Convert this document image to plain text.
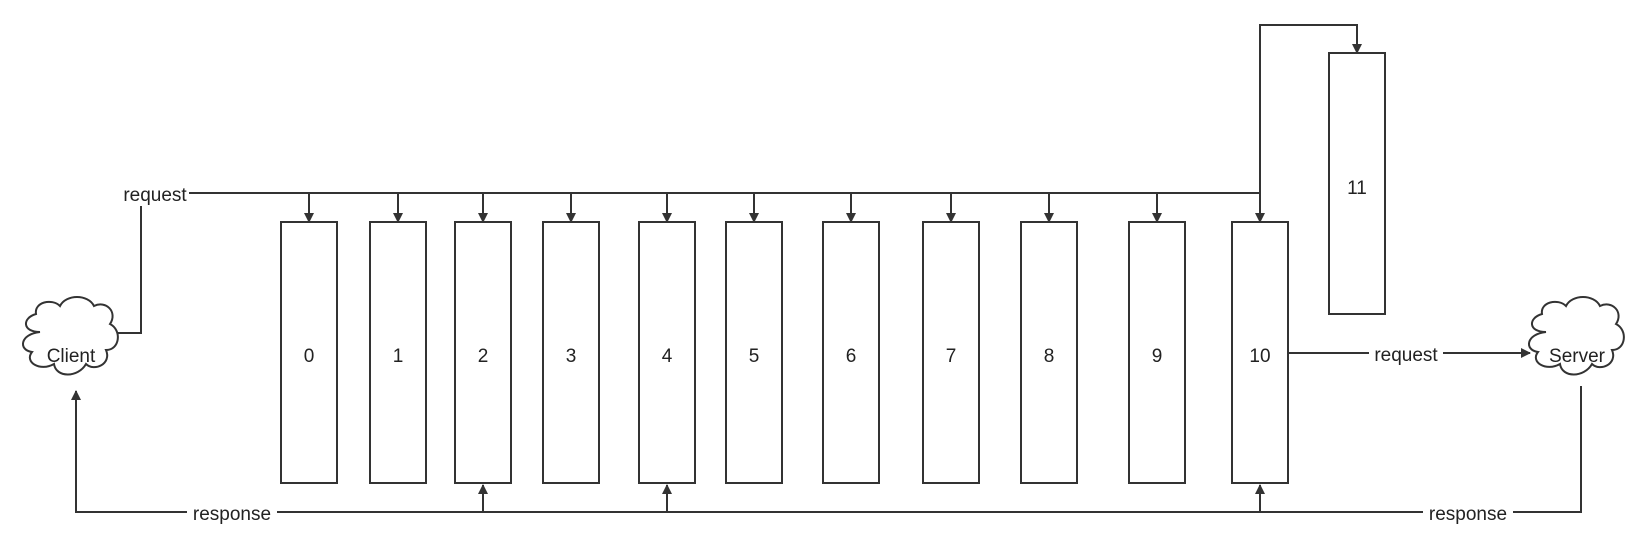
request
0	1	2	3	4	5	6	7	8	9	10
11
request
response	response
Client	Server
